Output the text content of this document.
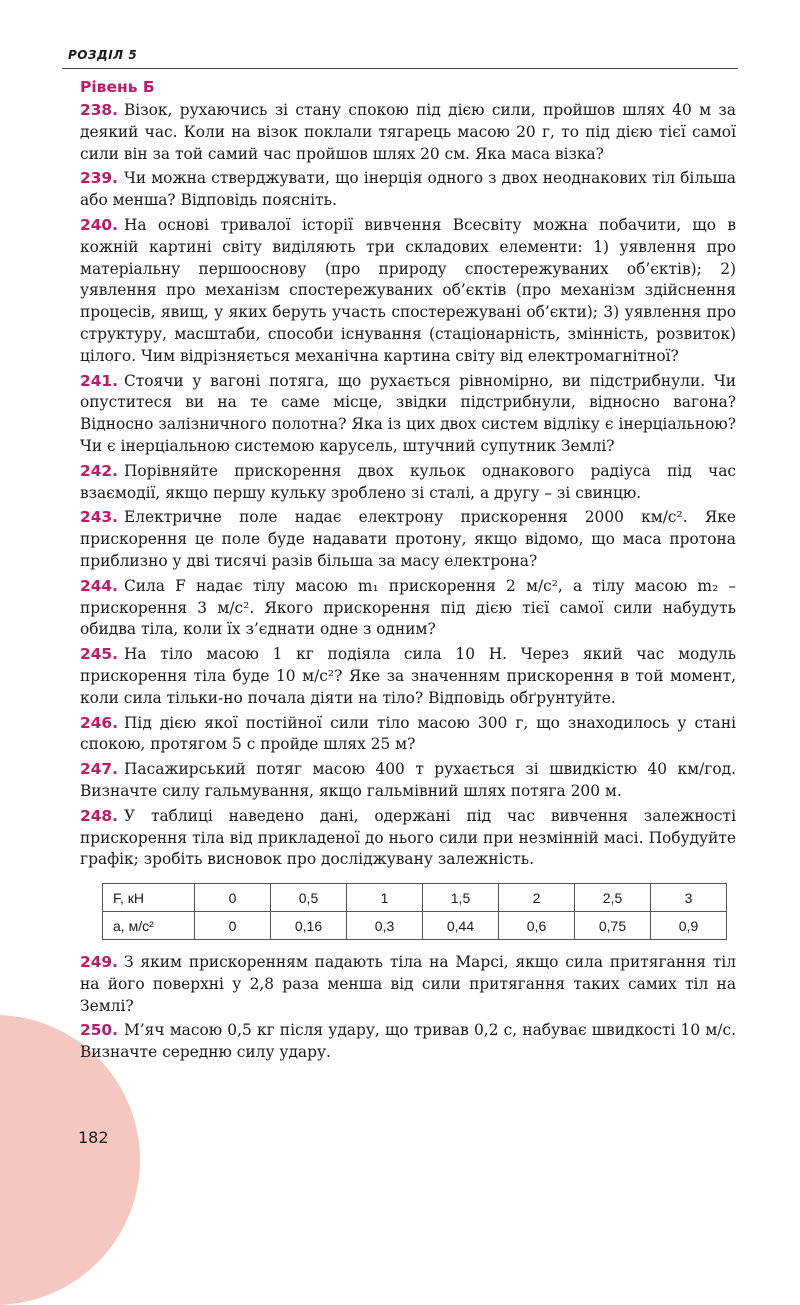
РОЗДІЛ 5
Рівень Б

238. Візок, рухаючись зі стану спокою під дією сили, пройшов шлях 40 м за деякий час. Коли на візок поклали тягарець масою 20 г, то під дією тієї самої сили він за той самий час пройшов шлях 20 см. Яка маса візка?

239. Чи можна стверджувати, що інерція одного з двох неоднакових тіл більша або менша? Відповідь поясніть.

240. На основі тривалої історії вивчення Всесвіту можна побачити, що в кожній картині світу виділяють три складових елементи: 1) уявлення про матеріальну першооснову (про природу спостережуваних об’єктів); 2) уявлення про механізм спостережуваних об’єктів (про механізм здійснення процесів, явищ, у яких беруть участь спостережувані об’єкти); 3) уявлення про структуру, масштаби, способи існування (стаціонарність, змінність, розвиток) цілого. Чим відрізняється механічна картина світу від електромагнітної?

241. Стоячи у вагоні потяга, що рухається рівномірно, ви підстрибнули. Чи опуститеся ви на те саме місце, звідки підстрибнули, відносно вагона? Відносно залізничного полотна? Яка із цих двох систем відліку є інерціальною? Чи є інерціальною системою карусель, штучний супутник Землі?

242. Порівняйте прискорення двох кульок однакового радіуса під час взаємодії, якщо першу кульку зроблено зі сталі, а другу – зі свинцю.

243. Електричне поле надає електрону прискорення 2000 км/с². Яке прискорення це поле буде надавати протону, якщо відомо, що маса протона приблизно у дві тисячі разів більша за масу електрона?

244. Сила F надає тілу масою m₁ прискорення 2 м/с², а тілу масою m₂ – прискорення 3 м/с². Якого прискорення під дією тієї самої сили набудуть обидва тіла, коли їх з’єднати одне з одним?

245. На тіло масою 1 кг подіяла сила 10 Н. Через який час модуль прискорення тіла буде 10 м/с²? Яке за значенням прискорення в той момент, коли сила тільки-но почала діяти на тіло? Відповідь обґрунтуйте.

246. Під дією якої постійної сили тіло масою 300 г, що знаходилось у стані спокою, протягом 5 с пройде шлях 25 м?

247. Пасажирський потяг масою 400 т рухається зі швидкістю 40 км/год. Визначте силу гальмування, якщо гальмівний шлях потяга 200 м.

248. У таблиці наведено дані, одержані під час вивчення залежності прискорення тіла від прикладеної до нього сили при незмінній масі. Побудуйте графік; зробіть висновок про досліджувану залежність.

F, кН	0	0,5	1	1,5	2	2,5	3
a, м/с²	0	0,16	0,3	0,44	0,6	0,75	0,9

249. З яким прискоренням падають тіла на Марсі, якщо сила притягання тіл на його поверхні у 2,8 раза менша від сили притягання таких самих тіл на Землі?

250. М’яч масою 0,5 кг після удару, що тривав 0,2 с, набуває швидкості 10 м/с. Визначте середню силу удару.

182
